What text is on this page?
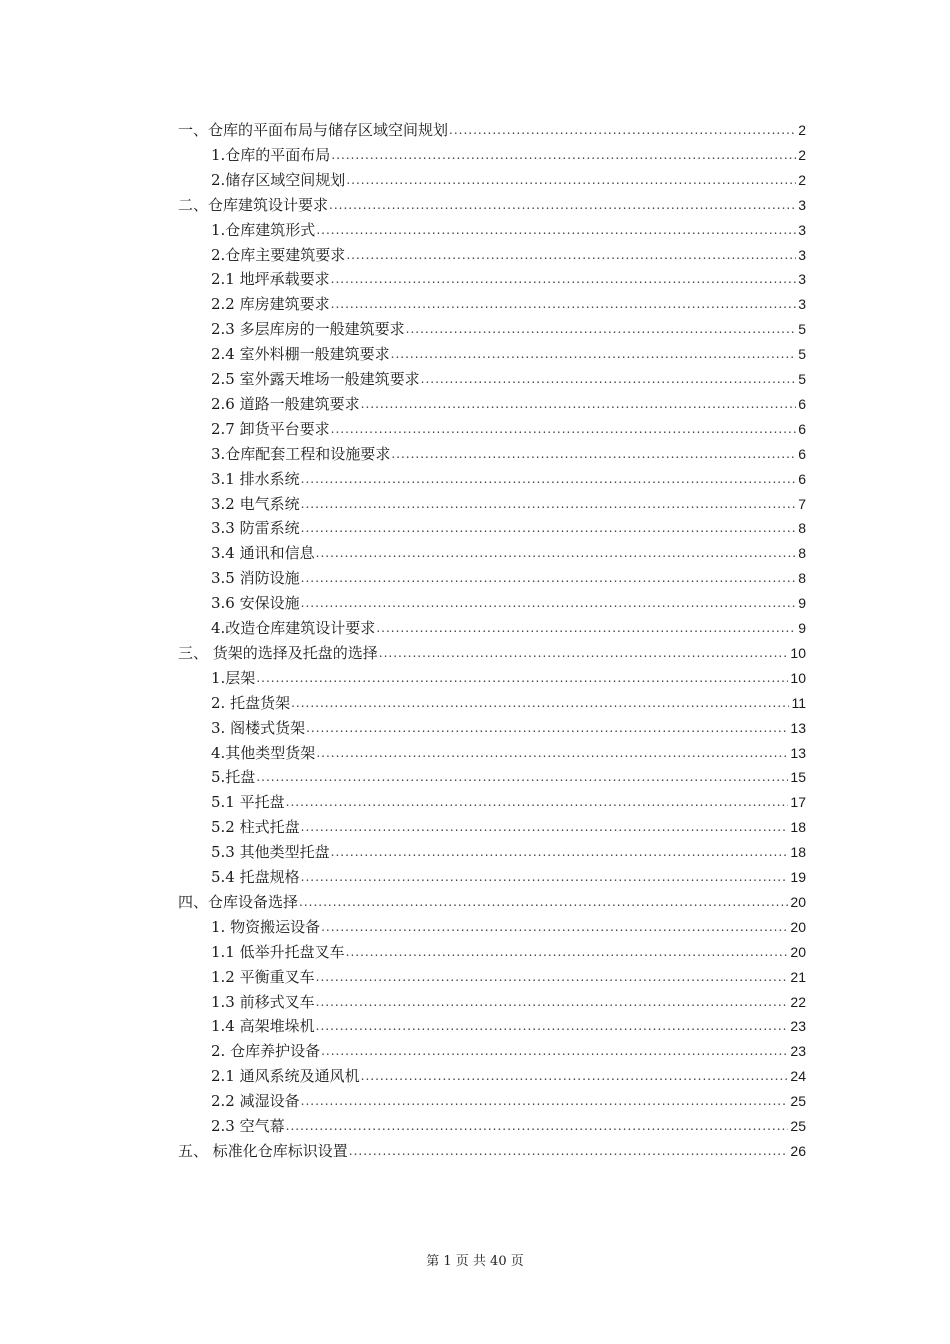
一、仓库的平面布局与储存区域空间规划 .....	2
1.仓库的平面布局 .....	2
2.储存区域空间规划 .....	2
二、仓库建筑设计要求 .....	3
1.仓库建筑形式 .....	3
2.仓库主要建筑要求 .....	3
2.1 地坪承载要求 .....	3
2.2 库房建筑要求 .....	3
2.3 多层库房的一般建筑要求 .....	5
2.4 室外料棚一般建筑要求 .....	5
2.5 室外露天堆场一般建筑要求 .....	5
2.6 道路一般建筑要求 .....	6
2.7 卸货平台要求 .....	6
3.仓库配套工程和设施要求 .....	6
3.1 排水系统 .....	6
3.2 电气系统 .....	7
3.3 防雷系统 .....	8
3.4 通讯和信息 .....	8
3.5 消防设施 .....	8
3.6 安保设施 .....	9
4.改造仓库建筑设计要求 .....	9
三、 货架的选择及托盘的选择 .....	10
1.层架 .....	10
2. 托盘货架 .....	11
3. 阁楼式货架 .....	13
4.其他类型货架 .....	13
5.托盘 .....	15
5.1 平托盘 .....	17
5.2 柱式托盘 .....	18
5.3 其他类型托盘 .....	18
5.4 托盘规格 .....	19
四、仓库设备选择 .....	20
1. 物资搬运设备 .....	20
1.1 低举升托盘叉车 .....	20
1.2 平衡重叉车 .....	21
1.3 前移式叉车 .....	22
1.4 高架堆垛机 .....	23
2. 仓库养护设备 .....	23
2.1 通风系统及通风机 .....	24
2.2 减湿设备 .....	25
2.3 空气幕 .....	25
五、 标准化仓库标识设置 .....	26
第 1 页 共 40 页
